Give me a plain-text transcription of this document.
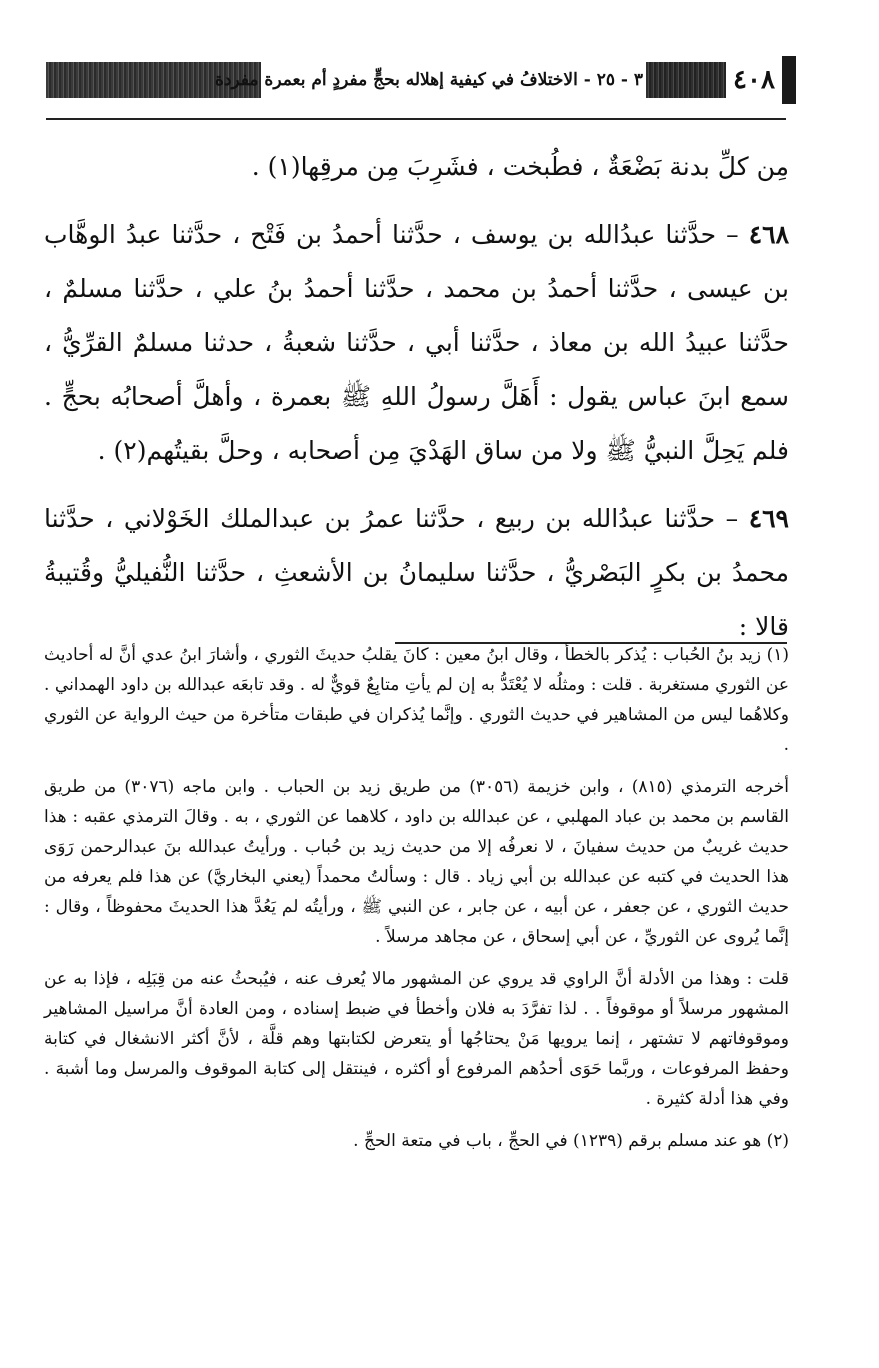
٣ - ٢٥ - الاختلافُ في كيفية إهلاله بحجٍّ مفردٍ أم بعمرة مفردة	٤٠٨

مِن كلِّ بدنة بَضْعَةٌ ، فطُبخت ، فشَرِبَ مِن مرقِها(١) .

٤٦٨ – حدَّثنا عبدُالله بن يوسف ، حدَّثنا أحمدُ بن فَتْح ، حدَّثنا عبدُ الوهَّاب بن عيسى ، حدَّثنا أحمدُ بن محمد ، حدَّثنا أحمدُ بنُ علي ، حدَّثنا مسلمٌ ، حدَّثنا عبيدُ الله بن معاذ ، حدَّثنا أبي ، حدَّثنا شعبةُ ، حدثنا مسلمٌ القرِّيُّ ، سمع ابنَ عباس يقول : أَهَلَّ رسولُ اللهِ ﷺ بعمرة ، وأهلَّ أصحابُه بحجٍّ . فلم يَحِلَّ النبيُّ ﷺ ولا من ساق الهَدْيَ مِن أصحابه ، وحلَّ بقيتُهم(٢) .

٤٦٩ – حدَّثنا عبدُالله بن ربيع ، حدَّثنا عمرُ بن عبدالملك الخَوْلاني ، حدَّثنا محمدُ بن بكرٍ البَصْريُّ ، حدَّثنا سليمانُ بن الأشعثِ ، حدَّثنا النُّفيليُّ وقُتيبةُ قالا :

(١) زيد بنُ الحُباب : يُذكر بالخطأ ، وقال ابنُ معين : كانَ يقلبُ حديثَ الثوري ، وأشارَ ابنُ عدي أنَّ له أحاديث عن الثوري مستغربة . قلت : ومثلُه لا يُعْتَدُّ به إن لم يأتِ متابِعٌ قويٌّ له . وقد تابعَه عبدالله بن داود الهمداني . وكلاهُما ليس من المشاهير في حديث الثوري . وإنَّما يُذكران في طبقات متأخرة من حيث الرواية عن الثوري .

أخرجه الترمذي (٨١٥) ، وابن خزيمة (٣٠٥٦) من طريق زيد بن الحباب . وابن ماجه (٣٠٧٦) من طريق القاسم بن محمد بن عباد المهلبي ، عن عبدالله بن داود ، كلاهما عن الثوري ، به . وقالَ الترمذي عقبه : هذا حديث غريبٌ من حديث سفيانَ ، لا نعرفُه إلا من حديث زيد بن حُباب . ورأيتُ عبدالله بنَ عبدالرحمن رَوَى هذا الحديث في كتبه عن عبدالله بن أبي زياد . قال : وسألتُ محمداً (يعني البخاريَّ) عن هذا فلم يعرفه من حديث الثوري ، عن جعفر ، عن أبيه ، عن جابر ، عن النبي ﷺ ، ورأيتُه لم يَعُدَّ هذا الحديثَ محفوظاً ، وقال : إنَّما يُروى عن الثوريِّ ، عن أبي إسحاق ، عن مجاهد مرسلاً .

قلت : وهذا من الأدلة أنَّ الراوي قد يروي عن المشهور مالا يُعرف عنه ، فيُبحثُ عنه من قِبَلِه ، فإذا به عن المشهور مرسلاً أو موقوفاً . . لذا تفرَّدَ به فلان وأخطأ في ضبط إسناده ، ومن العادة أنَّ مراسيل المشاهير وموقوفاتهم لا تشتهر ، إنما يرويها مَنْ يحتاجُها أو يتعرض لكتابتها وهم قلَّة ، لأنَّ أكثر الانشغال في كتابة وحفظ المرفوعات ، وربَّما حَوَى أحدُهم المرفوع أو أكثره ، فينتقل إلى كتابة الموقوف والمرسل وما أشبهَ . وفي هذا أدلة كثيرة .

(٢) هو عند مسلم برقم (١٢٣٩) في الحجِّ ، باب في متعة الحجِّ .
